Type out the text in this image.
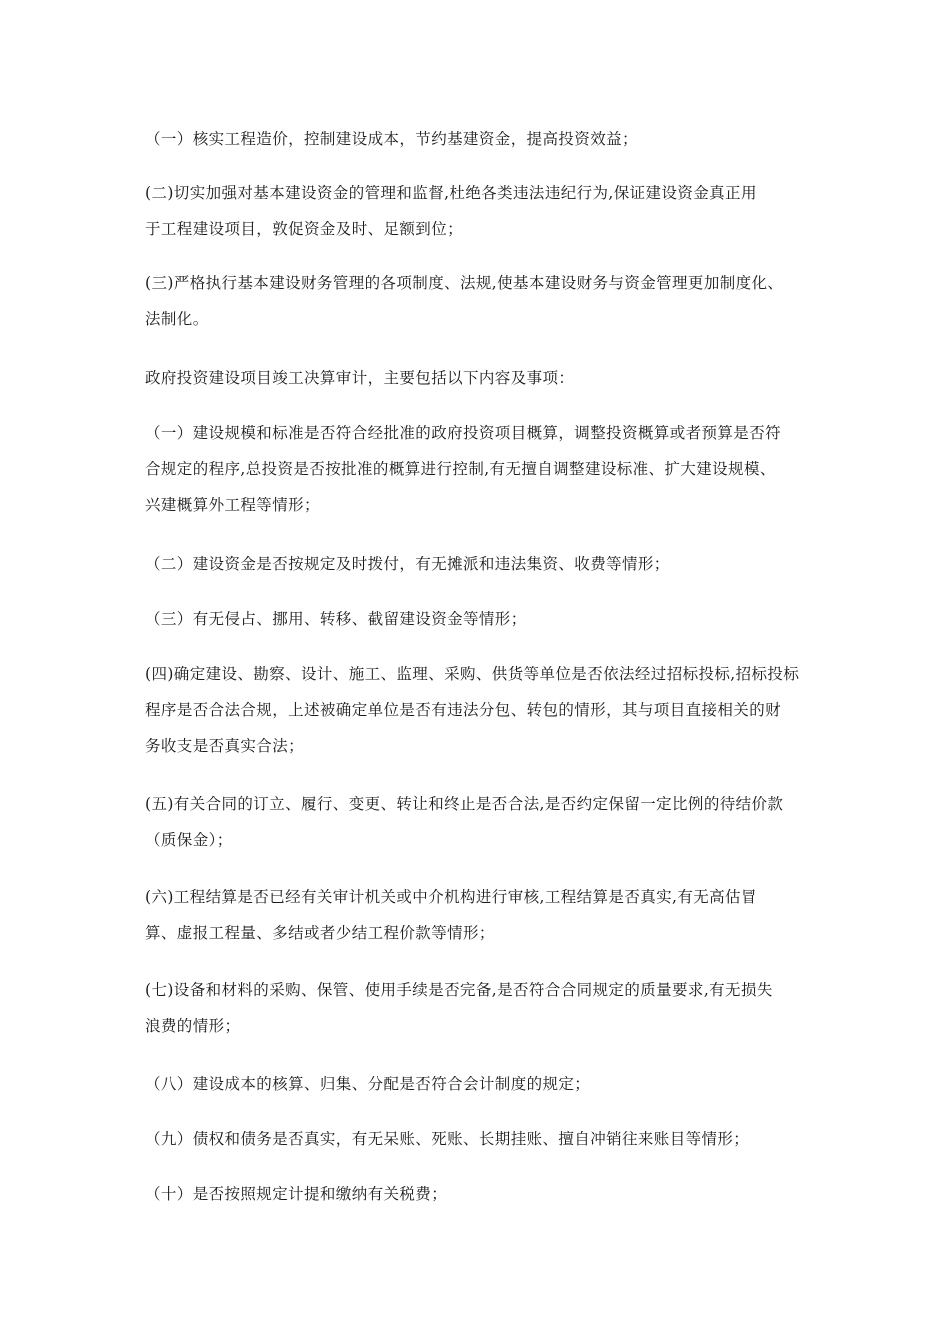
（一）核实工程造价，控制建设成本，节约基建资金，提高投资效益；

(二)切实加强对基本建设资金的管理和监督,杜绝各类违法违纪行为,保证建设资金真正用
于工程建设项目，敦促资金及时、足额到位；

(三)严格执行基本建设财务管理的各项制度、法规,使基本建设财务与资金管理更加制度化、
法制化。

政府投资建设项目竣工决算审计，主要包括以下内容及事项：

（一）建设规模和标准是否符合经批准的政府投资项目概算，调整投资概算或者预算是否符
合规定的程序,总投资是否按批准的概算进行控制,有无擅自调整建设标准、扩大建设规模、
兴建概算外工程等情形；

（二）建设资金是否按规定及时拨付，有无摊派和违法集资、收费等情形；

（三）有无侵占、挪用、转移、截留建设资金等情形；

(四)确定建设、勘察、设计、施工、监理、采购、供货等单位是否依法经过招标投标,招标投标
程序是否合法合规，上述被确定单位是否有违法分包、转包的情形，其与项目直接相关的财
务收支是否真实合法；

(五)有关合同的订立、履行、变更、转让和终止是否合法,是否约定保留一定比例的待结价款
（质保金）；

(六)工程结算是否已经有关审计机关或中介机构进行审核,工程结算是否真实,有无高估冒
算、虚报工程量、多结或者少结工程价款等情形；

(七)设备和材料的采购、保管、使用手续是否完备,是否符合合同规定的质量要求,有无损失
浪费的情形；

（八）建设成本的核算、归集、分配是否符合会计制度的规定；

（九）债权和债务是否真实，有无呆账、死账、长期挂账、擅自冲销往来账目等情形；

（十）是否按照规定计提和缴纳有关税费；
